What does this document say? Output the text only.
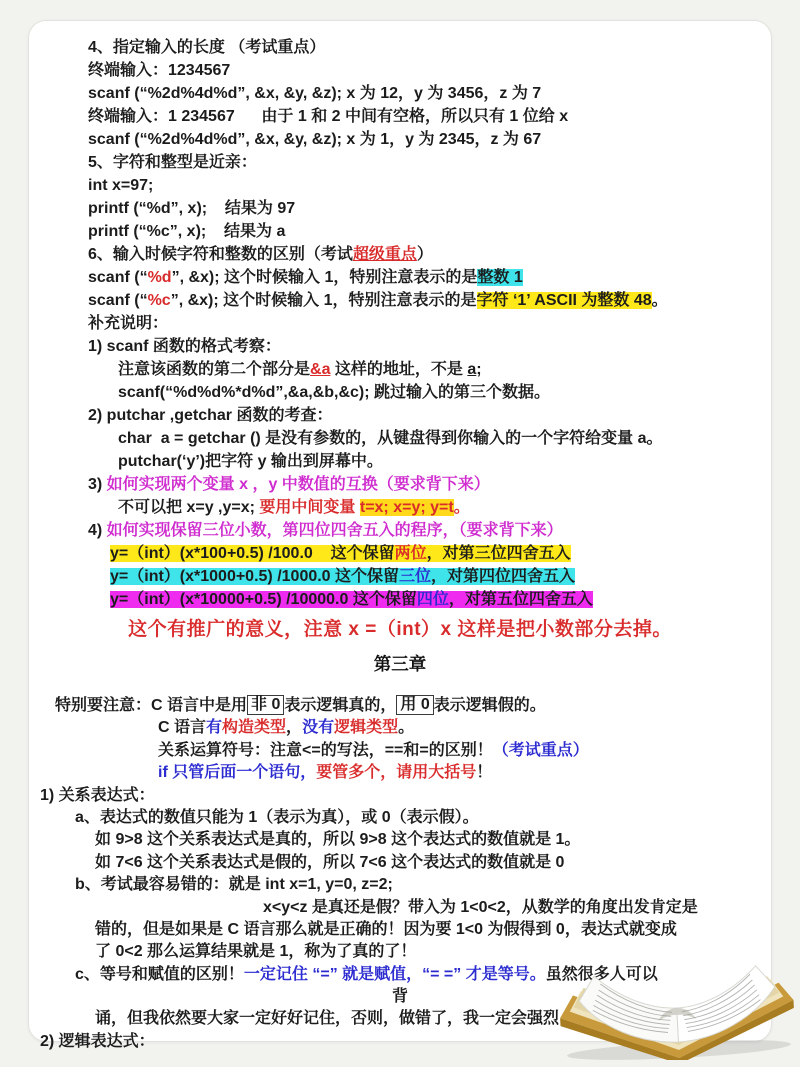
4、指定输入的长度 （考试重点）
终端输入：1234567
scanf (“%2d%4d%d”, &x, &y, &z); x 为 12，y 为 3456，z 为 7
终端输入：1 234567      由于 1 和 2 中间有空格，所以只有 1 位给 x
scanf (“%2d%4d%d”, &x, &y, &z); x 为 1，y 为 2345，z 为 67
5、字符和整型是近亲：
int x=97;
printf (“%d”, x);    结果为 97
printf (“%c”, x);    结果为 a
6、输入时候字符和整数的区别（考试超级重点）
scanf (“%d”, &x); 这个时候输入 1，特别注意表示的是整数 1
scanf (“%c”, &x); 这个时候输入 1，特别注意表示的是字符 ‘1’ ASCII 为整数 48。
补充说明：
1) scanf 函数的格式考察：
注意该函数的第二个部分是&a 这样的地址，不是 a;
scanf(“%d%d%*d%d”,&a,&b,&c); 跳过输入的第三个数据。
2) putchar ,getchar 函数的考查：
char  a = getchar () 是没有参数的，从键盘得到你输入的一个字符给变量 a。
putchar(‘y’)把字符 y 输出到屏幕中。
3) 如何实现两个变量 x ，y 中数值的互换（要求背下来）
不可以把 x=y ,y=x; 要用中间变量 t=x; x=y; y=t。
4) 如何实现保留三位小数，第四位四舍五入的程序，（要求背下来）
y=（int）(x*100+0.5) /100.0    这个保留两位，对第三位四舍五入
y=（int）(x*1000+0.5) /1000.0 这个保留三位，对第四位四舍五入
y=（int）(x*10000+0.5) /10000.0 这个保留四位，对第五位四舍五入
这个有推广的意义，注意 x =（int）x 这样是把小数部分去掉。
第三章
特别要注意：C 语言中是用 非 0 表示逻辑真的， 用 0 表示逻辑假的。
C 语言有构造类型，没有逻辑类型。
关系运算符号：注意<=的写法，==和=的区别！（考试重点）
if 只管后面一个语句，要管多个，请用大括号！
1) 关系表达式：
a、表达式的数值只能为 1（表示为真），或 0（表示假）。
如 9>8 这个关系表达式是真的，所以 9>8 这个表达式的数值就是 1。
如 7<6 这个关系表达式是假的，所以 7<6 这个表达式的数值就是 0
b、考试最容易错的：就是 int x=1, y=0, z=2;
x<y<z 是真还是假？带入为 1<0<2，从数学的角度出发肯定是
错的，但是如果是 C 语言那么就是正确的！因为要 1<0 为假得到 0，表达式就变成
了 0<2 那么运算结果就是 1，称为了真的了！
c、等号和赋值的区别！一定记住 “=” 就是赋值，“= =” 才是等号。虽然很多人可以
背
诵，但我依然要大家一定好好记住，否则，做错了，我一定会强烈
2) 逻辑表达式：
